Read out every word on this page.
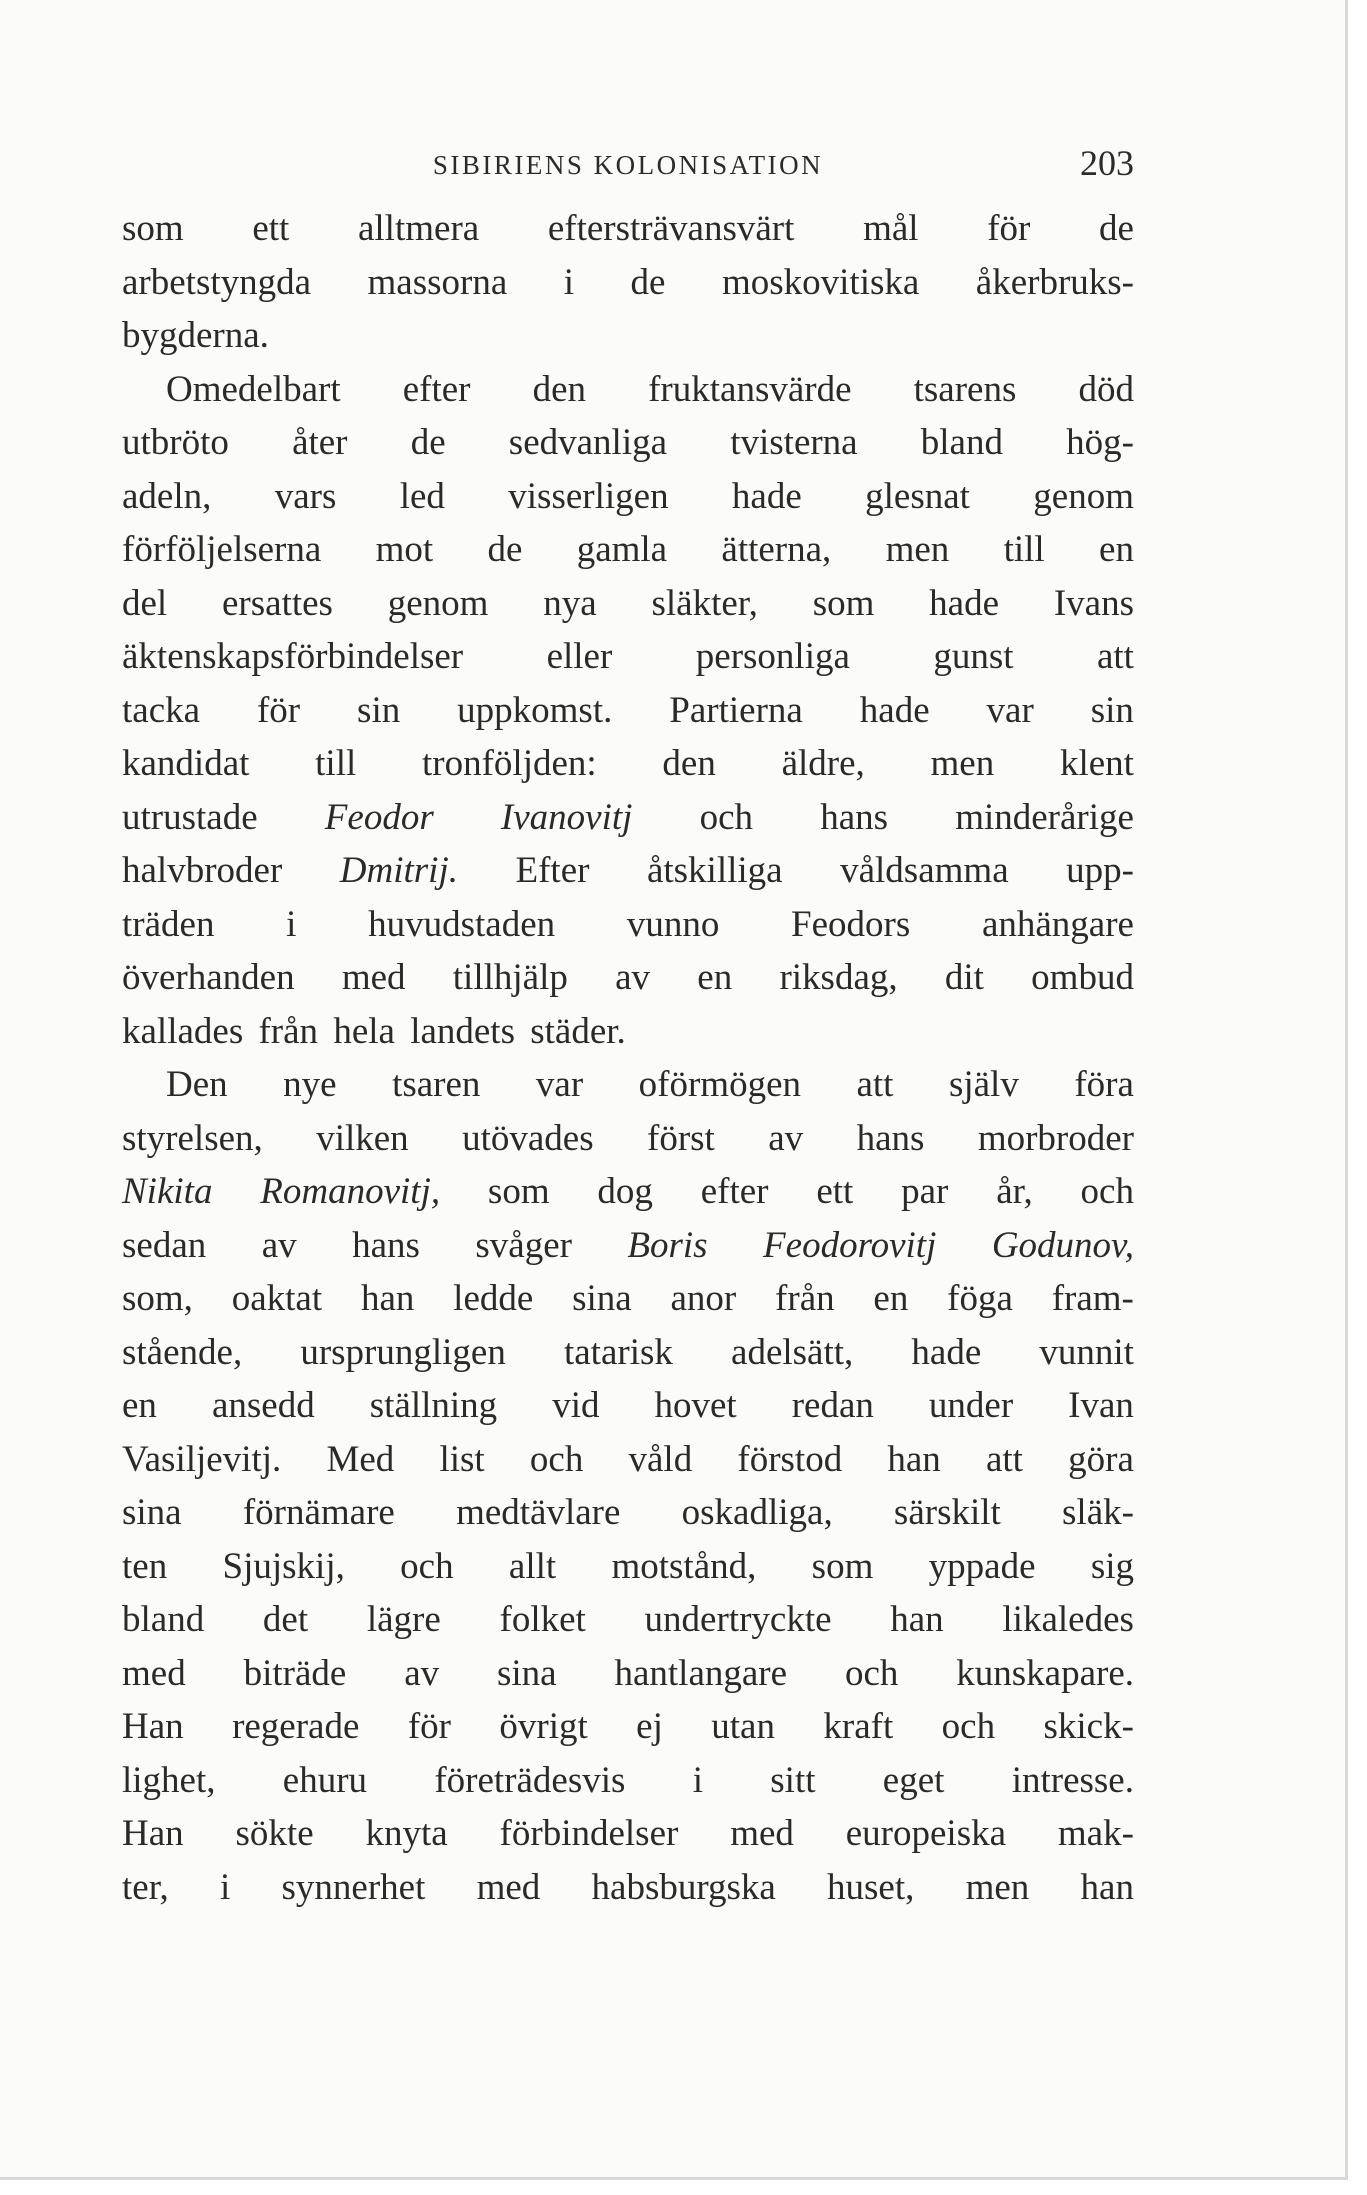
SIBIRIENS KOLONISATION	203
som ett alltmera eftersträvansvärt mål för de
arbetstyngda massorna i de moskovitiska åkerbruks-
bygderna.
Omedelbart efter den fruktansvärde tsarens död
utbröto åter de sedvanliga tvisterna bland hög-
adeln, vars led visserligen hade glesnat genom
förföljelserna mot de gamla ätterna, men till en
del ersattes genom nya släkter, som hade Ivans
äktenskapsförbindelser eller personliga gunst att
tacka för sin uppkomst. Partierna hade var sin
kandidat till tronföljden: den äldre, men klent
utrustade Feodor Ivanovitj och hans minderårige
halvbroder Dmitrij. Efter åtskilliga våldsamma upp-
träden i huvudstaden vunno Feodors anhängare
överhanden med tillhjälp av en riksdag, dit ombud
kallades
från
hela
landets
städer.
Den nye tsaren var oförmögen att själv föra
styrelsen, vilken utövades först av hans morbroder
Nikita Romanovitj, som dog efter ett par år, och
sedan av hans svåger Boris Feodorovitj Godunov,
som, oaktat han ledde sina anor från en föga fram-
stående, ursprungligen tatarisk adelsätt, hade vunnit
en ansedd ställning vid hovet redan under Ivan
Vasiljevitj. Med list och våld förstod han att göra
sina förnämare medtävlare oskadliga, särskilt släk-
ten Sjujskij, och allt motstånd, som yppade sig
bland det lägre folket undertryckte han likaledes
med biträde av sina hantlangare och kunskapare.
Han regerade för övrigt ej utan kraft och skick-
lighet, ehuru företrädesvis i sitt eget intresse.
Han sökte knyta förbindelser med europeiska mak-
ter, i synnerhet med habsburgska huset, men han
